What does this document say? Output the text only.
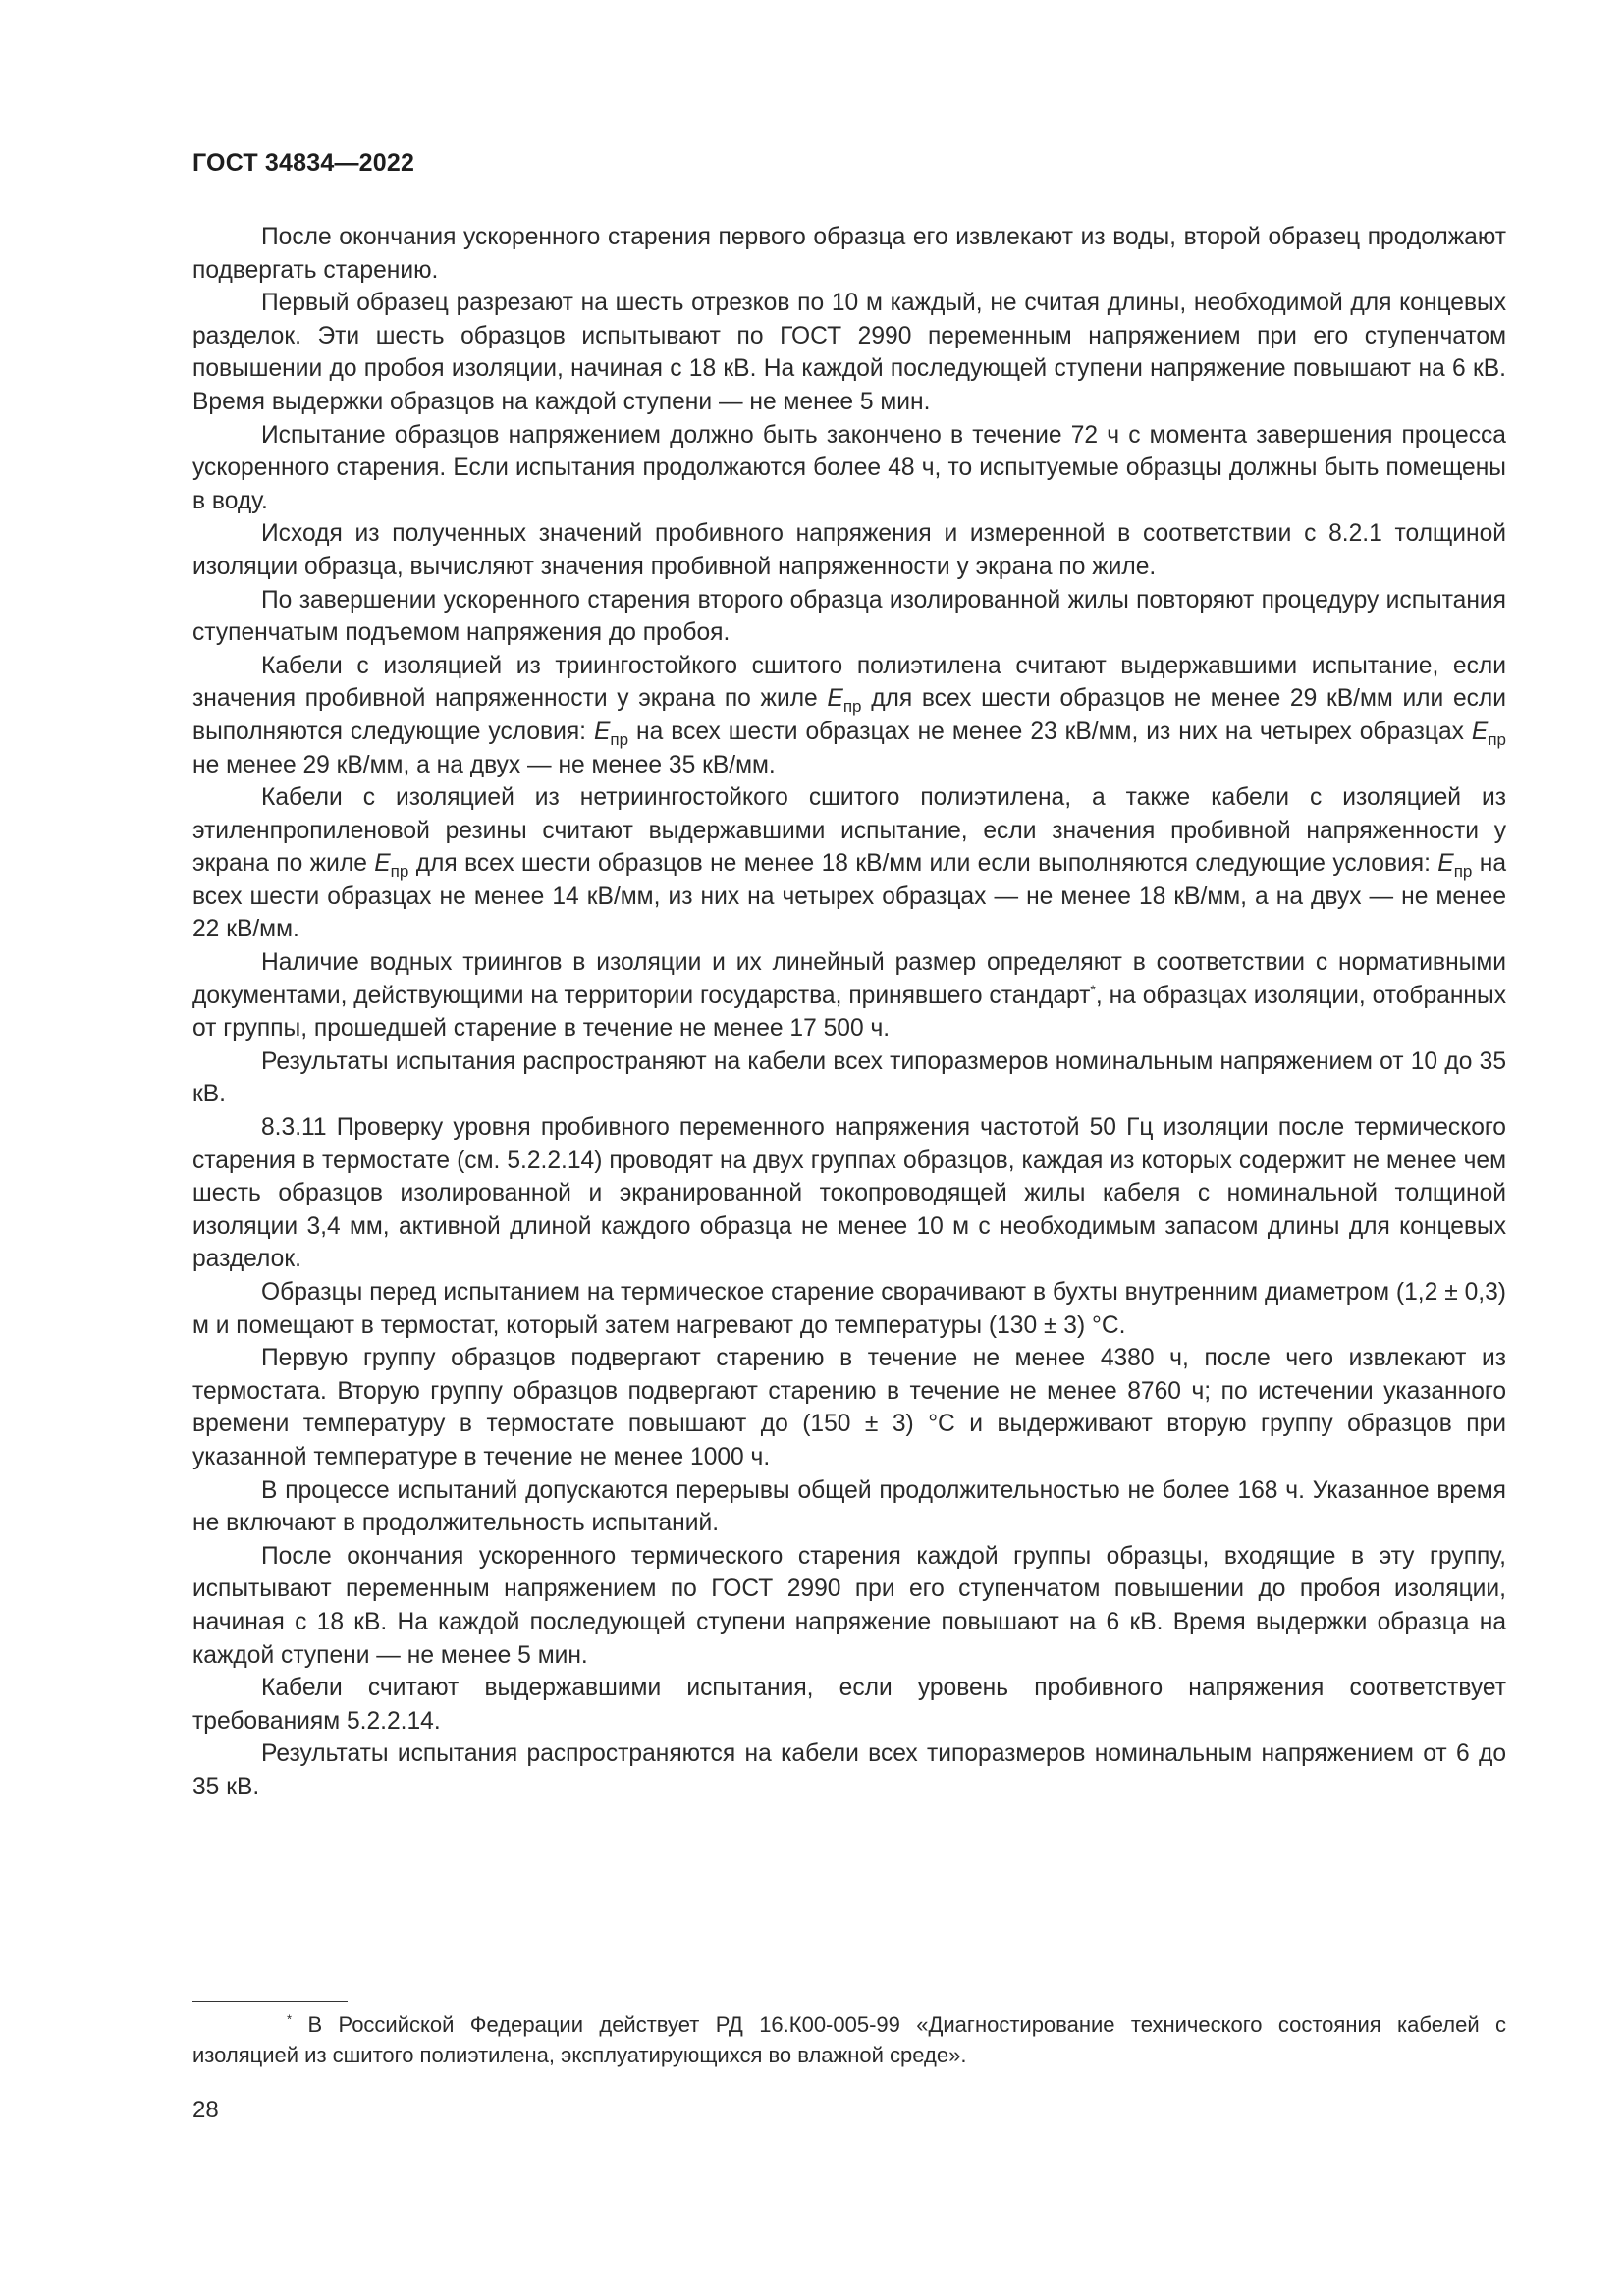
ГОСТ 34834—2022

После окончания ускоренного старения первого образца его извлекают из воды, второй образец продолжают подвергать старению.

Первый образец разрезают на шесть отрезков по 10 м каждый, не считая длины, необходимой для концевых разделок. Эти шесть образцов испытывают по ГОСТ 2990 переменным напряжением при его ступенчатом повышении до пробоя изоляции, начиная с 18 кВ. На каждой последующей ступени напряжение повышают на 6 кВ. Время выдержки образцов на каждой ступени — не менее 5 мин.

Испытание образцов напряжением должно быть закончено в течение 72 ч с момента завершения процесса ускоренного старения. Если испытания продолжаются более 48 ч, то испытуемые образцы должны быть помещены в воду.

Исходя из полученных значений пробивного напряжения и измеренной в соответствии с 8.2.1 толщиной изоляции образца, вычисляют значения пробивной напряженности у экрана по жиле.

По завершении ускоренного старения второго образца изолированной жилы повторяют процедуру испытания ступенчатым подъемом напряжения до пробоя.

Кабели с изоляцией из триингостойкого сшитого полиэтилена считают выдержавшими испытание, если значения пробивной напряженности у экрана по жиле $E_{пр}$ для всех шести образцов не менее 29 кВ/мм или если выполняются следующие условия: $E_{пр}$ на всех шести образцах не менее 23 кВ/мм, из них на четырех образцах $E_{пр}$ не менее 29 кВ/мм, а на двух — не менее 35 кВ/мм.

Кабели с изоляцией из нетриингостойкого сшитого полиэтилена, а также кабели с изоляцией из этиленпропиленовой резины считают выдержавшими испытание, если значения пробивной напряженности у экрана по жиле $E_{пр}$ для всех шести образцов не менее 18 кВ/мм или если выполняются следующие условия: $E_{пр}$ на всех шести образцах не менее 14 кВ/мм, из них на четырех образцах — не менее 18 кВ/мм, а на двух — не менее 22 кВ/мм.

Наличие водных триингов в изоляции и их линейный размер определяют в соответствии с нормативными документами, действующими на территории государства, принявшего стандарт*, на образцах изоляции, отобранных от группы, прошедшей старение в течение не менее 17 500 ч.

Результаты испытания распространяют на кабели всех типоразмеров номинальным напряжением от 10 до 35 кВ.

8.3.11 Проверку уровня пробивного переменного напряжения частотой 50 Гц изоляции после термического старения в термостате (см. 5.2.2.14) проводят на двух группах образцов, каждая из которых содержит не менее чем шесть образцов изолированной и экранированной токопроводящей жилы кабеля с номинальной толщиной изоляции 3,4 мм, активной длиной каждого образца не менее 10 м с необходимым запасом длины для концевых разделок.

Образцы перед испытанием на термическое старение сворачивают в бухты внутренним диаметром (1,2 ± 0,3) м и помещают в термостат, который затем нагревают до температуры (130 ± 3) °С.

Первую группу образцов подвергают старению в течение не менее 4380 ч, после чего извлекают из термостата. Вторую группу образцов подвергают старению в течение не менее 8760 ч; по истечении указанного времени температуру в термостате повышают до (150 ± 3) °С и выдерживают вторую группу образцов при указанной температуре в течение не менее 1000 ч.

В процессе испытаний допускаются перерывы общей продолжительностью не более 168 ч. Указанное время не включают в продолжительность испытаний.

После окончания ускоренного термического старения каждой группы образцы, входящие в эту группу, испытывают переменным напряжением по ГОСТ 2990 при его ступенчатом повышении до пробоя изоляции, начиная с 18 кВ. На каждой последующей ступени напряжение повышают на 6 кВ. Время выдержки образца на каждой ступени — не менее 5 мин.

Кабели считают выдержавшими испытания, если уровень пробивного напряжения соответствует требованиям 5.2.2.14.

Результаты испытания распространяются на кабели всех типоразмеров номинальным напряжением от 6 до 35 кВ.

* В Российской Федерации действует РД 16.К00-005-99 «Диагностирование технического состояния кабелей с изоляцией из сшитого полиэтилена, эксплуатирующихся во влажной среде».

28
